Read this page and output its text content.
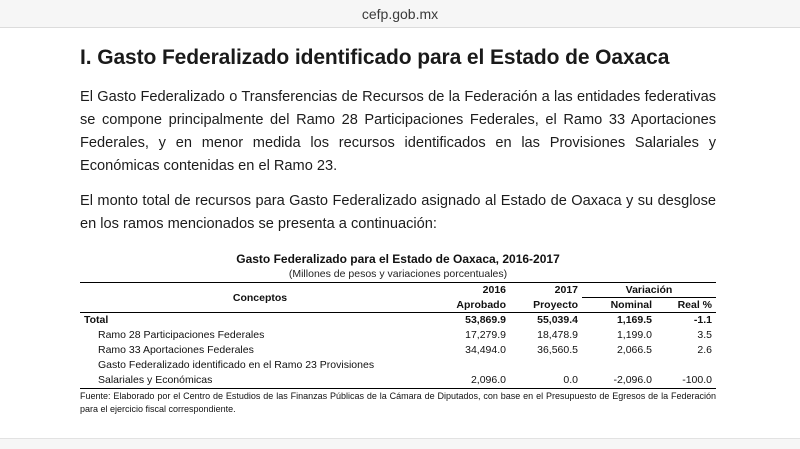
cefp.gob.mx
I. Gasto Federalizado identificado para el Estado de Oaxaca

El Gasto Federalizado o Transferencias de Recursos de la Federación a las entidades federativas se compone principalmente del Ramo 28 Participaciones Federales, el Ramo 33 Aportaciones Federales, y en menor medida los recursos identificados en las Provisiones Salariales y Económicas contenidas en el Ramo 23.

El monto total de recursos para Gasto Federalizado asignado al Estado de Oaxaca y su desglose en los ramos mencionados se presenta a continuación:

Gasto Federalizado para el Estado de Oaxaca, 2016-2017
(Millones de pesos y variaciones porcentuales)
Conceptos	2016	2017	Variación	
	Aprobado	Proyecto	Nominal	Real %
Total	53,869.9	55,039.4	1,169.5	-1.1
Ramo 28 Participaciones Federales	17,279.9	18,478.9	1,199.0	3.5
Ramo 33 Aportaciones Federales	34,494.0	36,560.5	2,066.5	2.6
Gasto Federalizado identificado en el Ramo 23 Provisiones				
Salariales y Económicas	2,096.0	0.0	-2,096.0	-100.0
Fuente: Elaborado por el Centro de Estudios de las Finanzas Públicas de la Cámara de Diputados, con base en el Presupuesto de Egresos de la Federación para el ejercicio fiscal correspondiente.
